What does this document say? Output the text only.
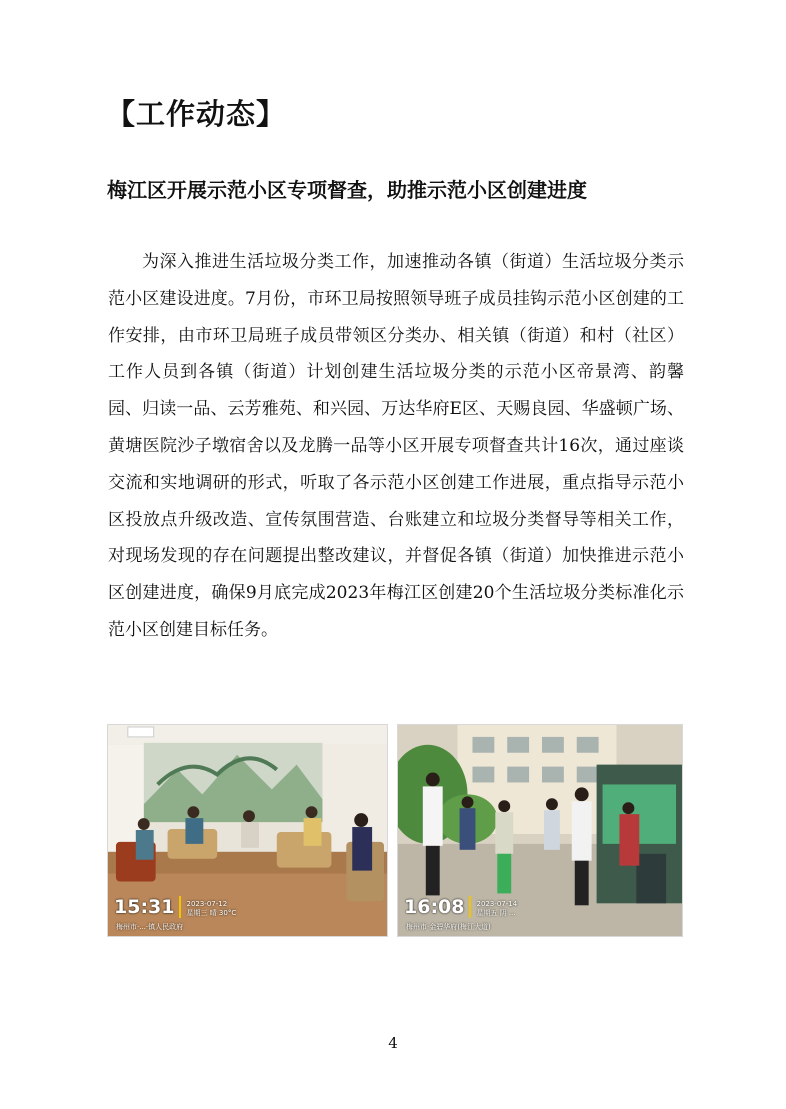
【工作动态】
梅江区开展示范小区专项督查，助推示范小区创建进度

为深入推进生活垃圾分类工作，加速推动各镇（街道）生活垃圾分类示范小区建设进度。7月份，市环卫局按照领导班子成员挂钩示范小区创建的工作安排，由市环卫局班子成员带领区分类办、相关镇（街道）和村（社区）工作人员到各镇（街道）计划创建生活垃圾分类的示范小区帝景湾、韵馨园、归读一品、云芳雅苑、和兴园、万达华府E区、天赐良园、华盛顿广场、黄塘医院沙子墩宿舍以及龙腾一品等小区开展专项督查共计16次，通过座谈交流和实地调研的形式，听取了各示范小区创建工作进展，重点指导示范小区投放点升级改造、宣传氛围营造、台账建立和垃圾分类督导等相关工作，对现场发现的存在问题提出整改建议，并督促各镇（街道）加快推进示范小区创建进度，确保9月底完成2023年梅江区创建20个生活垃圾分类标准化示范小区创建目标任务。

15:31 2023-07-12
星期三 晴 30°C
梅州市·...·镇人民政府
16:08 2023-07-14
星期五 阴 ...
梅州市·金碧华府(梅江大道)
4
